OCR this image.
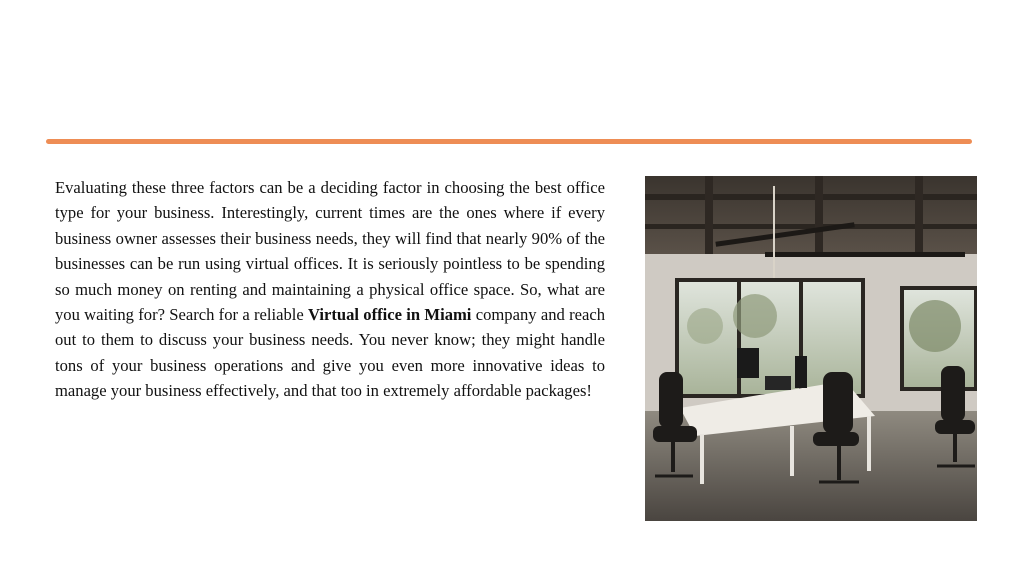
Evaluating these three factors can be a deciding factor in choosing the best office type for your business. Interestingly, current times are the ones where if every business owner assesses their business needs, they will find that nearly 90% of the businesses can be run using virtual offices. It is seriously pointless to be spending so much money on renting and maintaining a physical office space. So, what are you waiting for? Search for a reliable Virtual office in Miami company and reach out to them to discuss your business needs. You never know; they might handle tons of your business operations and give you even more innovative ideas to manage your business effectively, and that too in extremely affordable packages!
